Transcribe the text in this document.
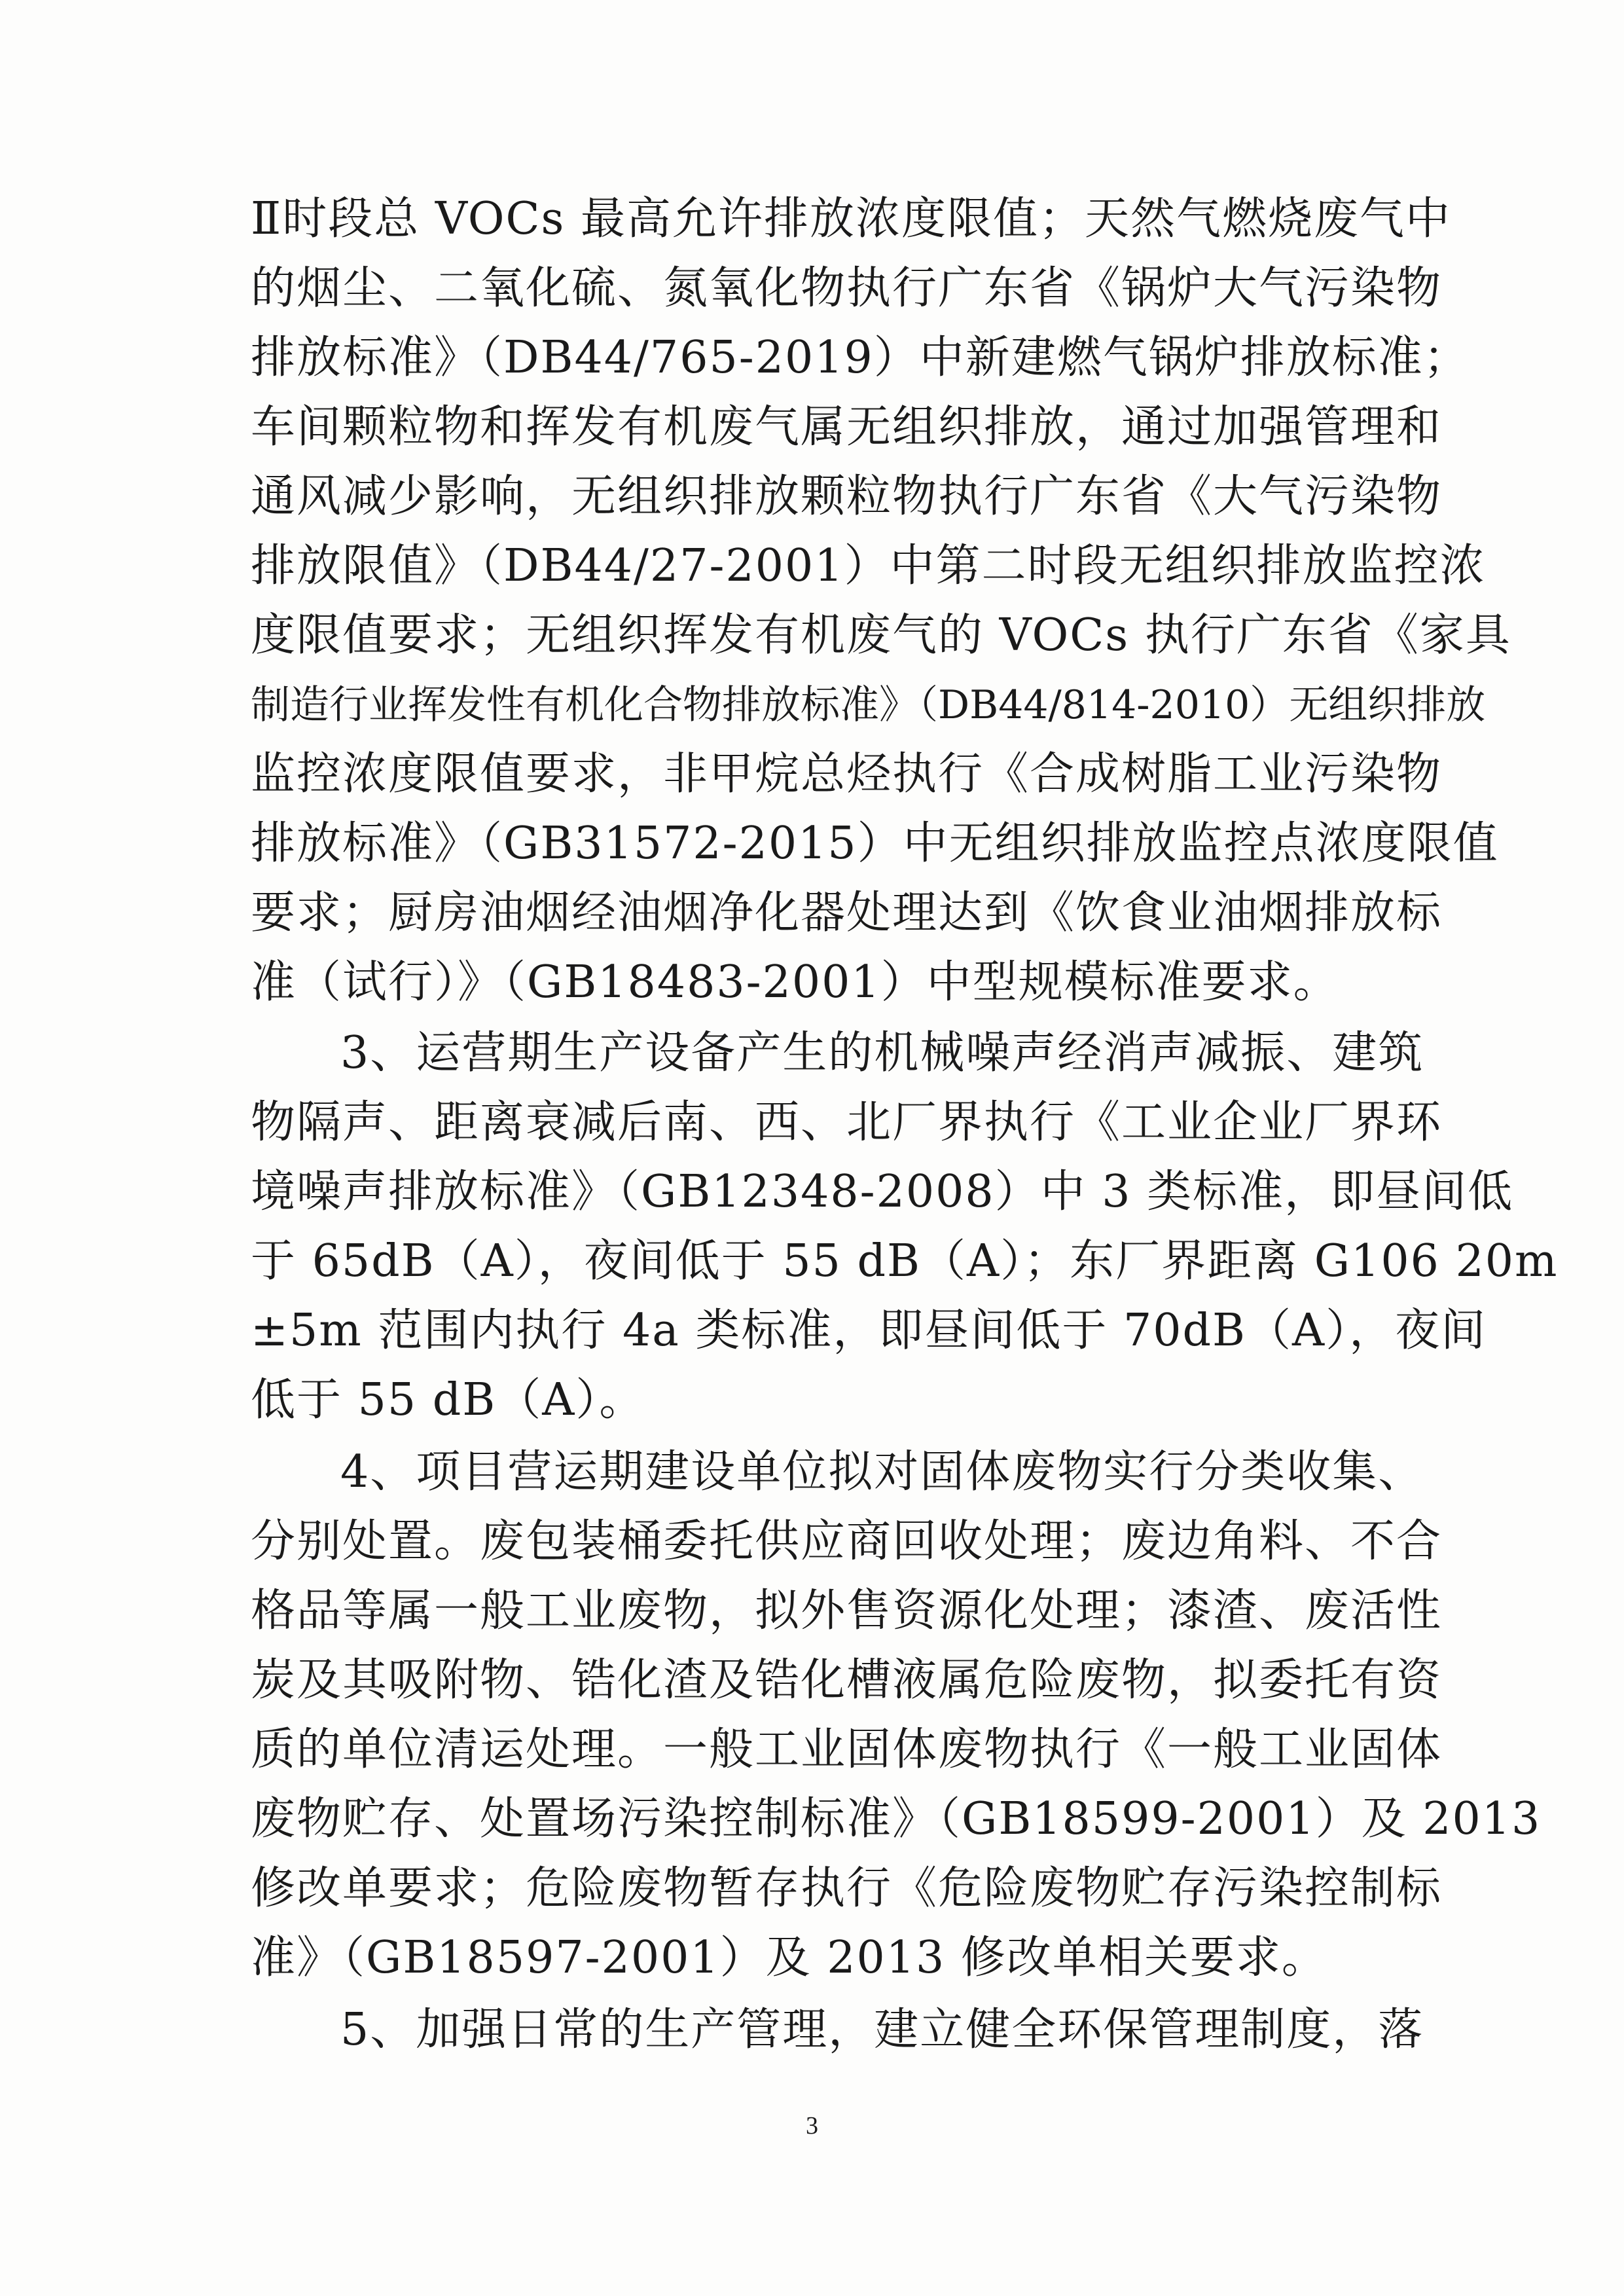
Ⅱ时段总 VOCs 最高允许排放浓度限值；天然气燃烧废气中
的烟尘、二氧化硫、氮氧化物执行广东省《锅炉大气污染物
排放标准》（DB44/765-2019）中新建燃气锅炉排放标准；
车间颗粒物和挥发有机废气属无组织排放，通过加强管理和
通风减少影响，无组织排放颗粒物执行广东省《大气污染物
排放限值》（DB44/27-2001）中第二时段无组织排放监控浓
度限值要求；无组织挥发有机废气的 VOCs 执行广东省《家具
制造行业挥发性有机化合物排放标准》（DB44/814-2010）无组织排放
监控浓度限值要求，非甲烷总烃执行《合成树脂工业污染物
排放标准》（GB31572-2015）中无组织排放监控点浓度限值
要求；厨房油烟经油烟净化器处理达到《饮食业油烟排放标
准（试行）》（GB18483-2001）中型规模标准要求。
3、运营期生产设备产生的机械噪声经消声减振、建筑
物隔声、距离衰减后南、西、北厂界执行《工业企业厂界环
境噪声排放标准》（GB12348-2008）中 3 类标准，即昼间低
于 65dB（A），夜间低于 55 dB（A）；东厂界距离 G106 20m
±5m 范围内执行 4a 类标准，即昼间低于 70dB（A），夜间
低于 55 dB（A）。
4、项目营运期建设单位拟对固体废物实行分类收集、
分别处置。废包装桶委托供应商回收处理；废边角料、不合
格品等属一般工业废物，拟外售资源化处理；漆渣、废活性
炭及其吸附物、锆化渣及锆化槽液属危险废物，拟委托有资
质的单位清运处理。一般工业固体废物执行《一般工业固体
废物贮存、处置场污染控制标准》（GB18599-2001）及 2013
修改单要求；危险废物暂存执行《危险废物贮存污染控制标
准》（GB18597-2001）及 2013 修改单相关要求。
5、加强日常的生产管理，建立健全环保管理制度，落
3
